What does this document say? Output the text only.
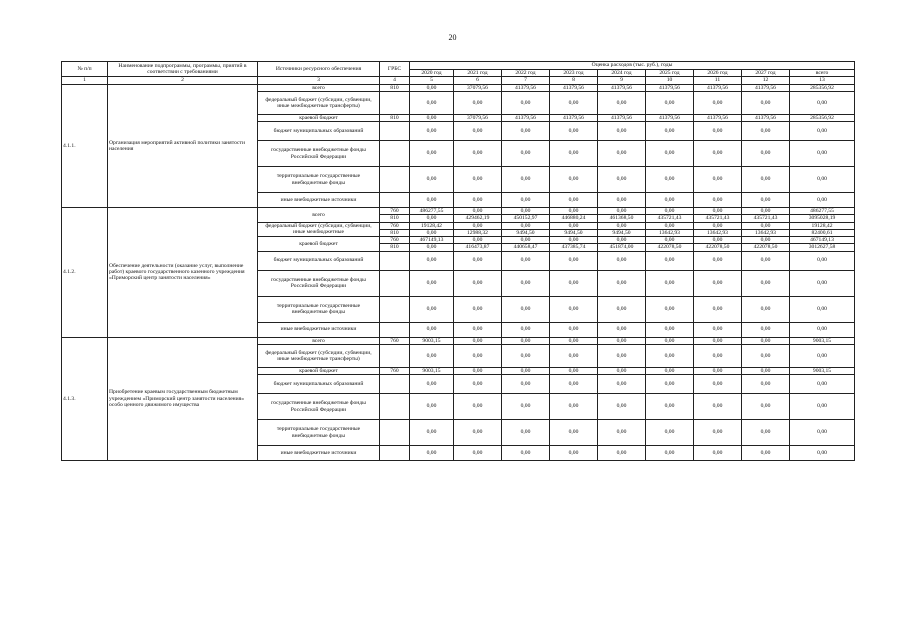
20
№ п/п	Наименование подпрограммы, программы, приятий в соответствии с требованиями	Источники ресурсного обеспечения	ГРБС	Оценка расходов (тыс. руб.), годы								
				2020 год	2021 год	2022 год	2023 год	2024 год	2025 год	2026 год	2027 год	всего
1	2	3	4	5	6	7	8	9	10	11	12	13
4.1.1.	Организация мероприятий активной политики занятости населения	всего	810	0,00	37079,56	41379,56	41379,56	41379,56	41379,56	41379,56	41379,56	285356,92
		федеральный бюджет (субсидии, субвенции, иные межбюджетные трансферты)		0,00	0,00	0,00	0,00	0,00	0,00	0,00	0,00	0,00
		краевой бюджет	810	0,00	37079,56	41379,56	41379,56	41379,56	41379,56	41379,56	41379,56	285356,92
		бюджет муниципальных образований		0,00	0,00	0,00	0,00	0,00	0,00	0,00	0,00	0,00
		государственные внебюджетные фонды Российской Федерации		0,00	0,00	0,00	0,00	0,00	0,00	0,00	0,00	0,00
		территориальные государственные внебюджетные фонды		0,00	0,00	0,00	0,00	0,00	0,00	0,00	0,00	0,00
		иные внебюджетные источники		0,00	0,00	0,00	0,00	0,00	0,00	0,00	0,00	0,00
4.1.2.	Обеспечение деятельности (оказание услуг, выполнение работ) краевого государственного казенного учреждения «Приморский центр занятости населения»	всего	760	486277,55	0,00	0,00	0,00	0,00	0,00	0,00	0,00	486277,55
			810	0,00	429462,19	450152,97	446880,24	461368,50	435721,43	435721,43	435721,43	3095028,19
		федеральный бюджет (субсидии, субвенции, иные межбюджетные	760	19128,42	0,00	0,00	0,00	0,00	0,00	0,00	0,00	19128,42
			810	0,00	12988,32	9494,50	9494,50	9494,50	13642,93	13642,93	13642,93	82400,61
		краевой бюджет	760	467149,13	0,00	0,00	0,00	0,00	0,00	0,00	0,00	467149,13
			810	0,00	416473,87	440658,47	437385,74	451874,00	422078,50	422078,50	422078,50	3012627,58
		бюджет муниципальных образований		0,00	0,00	0,00	0,00	0,00	0,00	0,00	0,00	0,00
		государственные внебюджетные фонды Российской Федерации		0,00	0,00	0,00	0,00	0,00	0,00	0,00	0,00	0,00
		территориальные государственные внебюджетные фонды		0,00	0,00	0,00	0,00	0,00	0,00	0,00	0,00	0,00
		иные внебюджетные источники		0,00	0,00	0,00	0,00	0,00	0,00	0,00	0,00	0,00
4.1.3.	Приобретение краевым государственным бюджетным учреждением «Приморский центр занятости населения» особо ценного движимого имущества	всего	760	9003,15	0,00	0,00	0,00	0,00	0,00	0,00	0,00	9003,15
		федеральный бюджет (субсидии, субвенции, иные межбюджетные трансферты)		0,00	0,00	0,00	0,00	0,00	0,00	0,00	0,00	0,00
		краевой бюджет	760	9003,15	0,00	0,00	0,00	0,00	0,00	0,00	0,00	9003,15
		бюджет муниципальных образований		0,00	0,00	0,00	0,00	0,00	0,00	0,00	0,00	0,00
		государственные внебюджетные фонды Российской Федерации		0,00	0,00	0,00	0,00	0,00	0,00	0,00	0,00	0,00
		территориальные государственные внебюджетные фонды		0,00	0,00	0,00	0,00	0,00	0,00	0,00	0,00	0,00
		иные внебюджетные источники		0,00	0,00	0,00	0,00	0,00	0,00	0,00	0,00	0,00
